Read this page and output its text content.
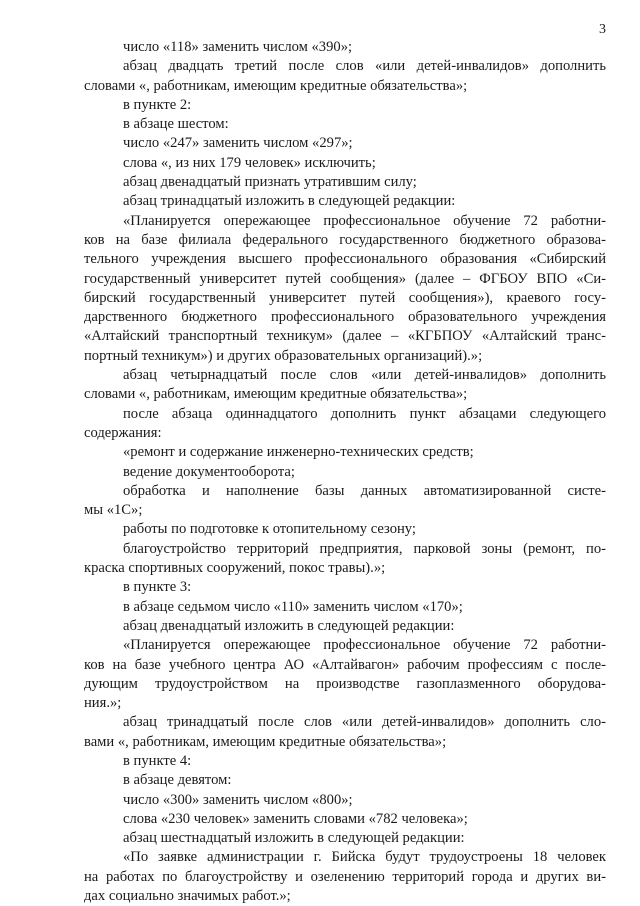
3
число «118» заменить числом «390»;
абзац двадцать третий после слов «или детей-инвалидов» дополнить
словами «, работникам, имеющим кредитные обязательства»;
в пункте 2:
в абзаце шестом:
число «247» заменить числом «297»;
слова «, из них 179 человек» исключить;
абзац двенадцатый признать утратившим силу;
абзац тринадцатый изложить в следующей редакции:
«Планируется опережающее профессиональное обучение 72 работни-
ков на базе филиала федерального государственного бюджетного образова-
тельного учреждения высшего профессионального образования «Сибирский
государственный университет путей сообщения» (далее – ФГБОУ ВПО «Си-
бирский государственный университет путей сообщения»), краевого госу-
дарственного бюджетного профессионального образовательного учреждения
«Алтайский транспортный техникум» (далее – «КГБПОУ «Алтайский транс-
портный техникум») и других образовательных организаций).»;
абзац четырнадцатый после слов «или детей-инвалидов» дополнить
словами «, работникам, имеющим кредитные обязательства»;
после абзаца одиннадцатого дополнить пункт абзацами следующего
содержания:
«ремонт и содержание инженерно-технических средств;
ведение документооборота;
обработка и наполнение базы данных автоматизированной систе-
мы «1С»;
работы по подготовке к отопительному сезону;
благоустройство территорий предприятия, парковой зоны (ремонт, по-
краска спортивных сооружений, покос травы).»;
в пункте 3:
в абзаце седьмом число «110» заменить числом «170»;
абзац двенадцатый изложить в следующей редакции:
«Планируется опережающее профессиональное обучение 72 работни-
ков на базе учебного центра АО «Алтайвагон» рабочим профессиям с после-
дующим трудоустройством на производстве газоплазменного оборудова-
ния.»;
абзац тринадцатый после слов «или детей-инвалидов» дополнить сло-
вами «, работникам, имеющим кредитные обязательства»;
в пункте 4:
в абзаце девятом:
число «300» заменить числом «800»;
слова «230 человек» заменить словами «782 человека»;
абзац шестнадцатый изложить в следующей редакции:
«По заявке администрации г. Бийска будут трудоустроены 18 человек
на работах по благоустройству и озеленению территорий города и других ви-
дах социально значимых работ.»;
